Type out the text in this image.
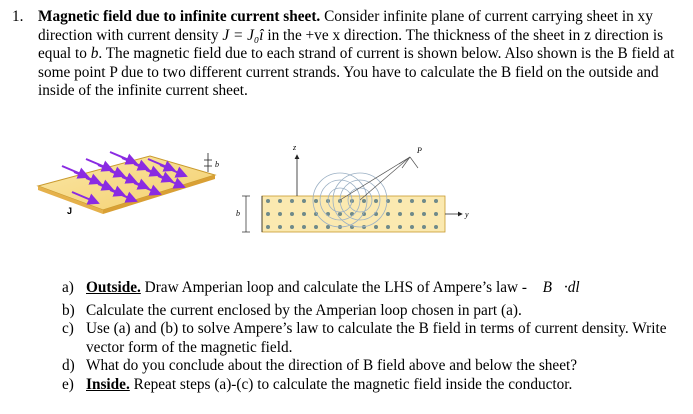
1. Magnetic field due to infinite current sheet. Consider infinite plane of current carrying sheet in xy direction with current density J = J₀î in the +ve x direction. The thickness of the sheet in z direction is equal to b. The magnetic field due to each strand of current is shown below. Also shown is the B field at some point P due to two different current strands. You have to calculate the B field on the outside and inside of the infinite current sheet.
J
b
b
z
y
P
a) Outside. Draw Amperian loop and calculate the LHS of Ampere’s law - ∮B⃗·dl⃗
b) Calculate the current enclosed by the Amperian loop chosen in part (a).
c) Use (a) and (b) to solve Ampere’s law to calculate the B field in terms of current density. Write vector form of the magnetic field.
d) What do you conclude about the direction of B field above and below the sheet?
e) Inside. Repeat steps (a)-(c) to calculate the magnetic field inside the conductor.
